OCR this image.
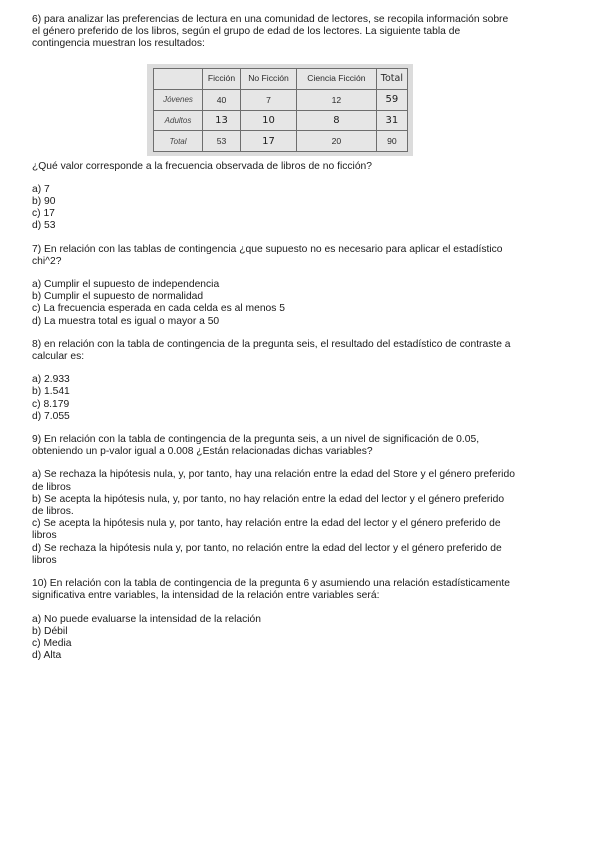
6) para analizar las preferencias de lectura en una comunidad de lectores, se recopila información sobre

el género preferido de los libros, según el grupo de edad de los lectores. La siguiente tabla de

contingencia muestran los resultados:

¿Qué valor corresponde a la frecuencia observada de libros de no ficción?

a) 7

b) 90

c) 17

d) 53

7) En relación con las tablas de contingencia ¿que supuesto no es necesario para aplicar el estadístico

chi^2?

a) Cumplir el supuesto de independencia

b) Cumplir el supuesto de normalidad

c) La frecuencia esperada en cada celda es al menos 5

d) La muestra total es igual o mayor a 50

8) en relación con la tabla de contingencia de la pregunta seis, el resultado del estadístico de contraste a

calcular es:

a) 2.933

b) 1.541

c) 8.179

d) 7.055

9) En relación con la tabla de contingencia de la pregunta seis, a un nivel de significación de 0.05,

obteniendo un p-valor igual a 0.008 ¿Están relacionadas dichas variables?

a) Se rechaza la hipótesis nula, y, por tanto, hay una relación entre la edad del Store y el género preferido

de libros

b) Se acepta la hipótesis nula, y, por tanto, no hay relación entre la edad del lector y el género preferido

de libros.

c) Se acepta la hipótesis nula y, por tanto, hay relación entre la edad del lector y el género preferido de

libros

d) Se rechaza la hipótesis nula y, por tanto, no relación entre la edad del lector y el género preferido de

libros

10) En relación con la tabla de contingencia de la pregunta 6 y asumiendo una relación estadísticamente

significativa entre variables, la intensidad de la relación entre variables será:

a) No puede evaluarse la intensidad de la relación

b) Débil

c) Media

d) Alta

	Ficción	No Ficción	Ciencia Ficción	Total
Jóvenes	40	7	12	59
Adultos	13	10	8	31
Total	53	17	20	90
